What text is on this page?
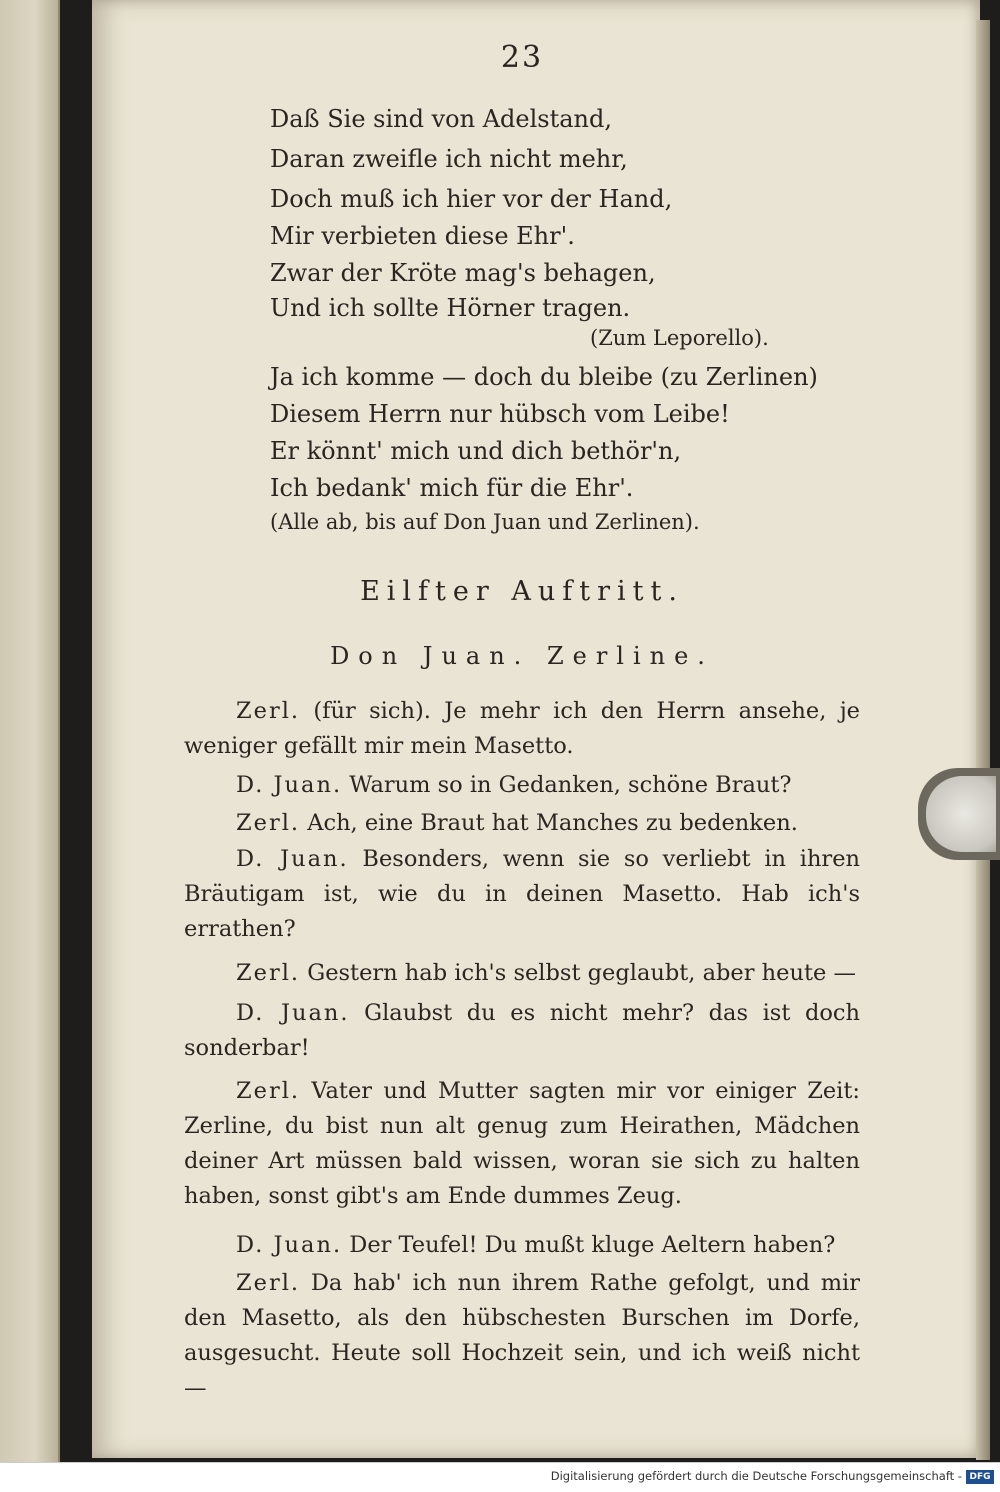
23
Daß Sie sind von Adelstand,
Daran zweifle ich nicht mehr,
Doch muß ich hier vor der Hand,
Mir verbieten diese Ehr'.
Zwar der Kröte mag's behagen,
Und ich sollte Hörner tragen.
(Zum Leporello).
Ja ich komme — doch du bleibe (zu Zerlinen)
Diesem Herrn nur hübsch vom Leibe!
Er könnt' mich und dich bethör'n,
Ich bedank' mich für die Ehr'.
(Alle ab, bis auf Don Juan und Zerlinen).
Eilfter Auftritt.
Don Juan. Zerline.

Zerl. (für sich). Je mehr ich den Herrn ansehe, je weniger gefällt mir mein Masetto.

D. Juan. Warum so in Gedanken, schöne Braut?

Zerl. Ach, eine Braut hat Manches zu bedenken.

D. Juan. Besonders, wenn sie so verliebt in ihren Bräutigam ist, wie du in deinen Masetto. Hab ich's errathen?

Zerl. Gestern hab ich's selbst geglaubt, aber heute —

D. Juan. Glaubst du es nicht mehr? das ist doch sonderbar!

Zerl. Vater und Mutter sagten mir vor einiger Zeit: Zerline, du bist nun alt genug zum Heirathen, Mädchen deiner Art müssen bald wissen, woran sie sich zu halten haben, sonst gibt's am Ende dummes Zeug.

D. Juan. Der Teufel! Du mußt kluge Aeltern haben?

Zerl. Da hab' ich nun ihrem Rathe gefolgt, und mir den Masetto, als den hübschesten Burschen im Dorfe, ausgesucht. Heute soll Hochzeit sein, und ich weiß nicht —

Digitalisierung gefördert durch die Deutsche Forschungsgemeinschaft - DFG
